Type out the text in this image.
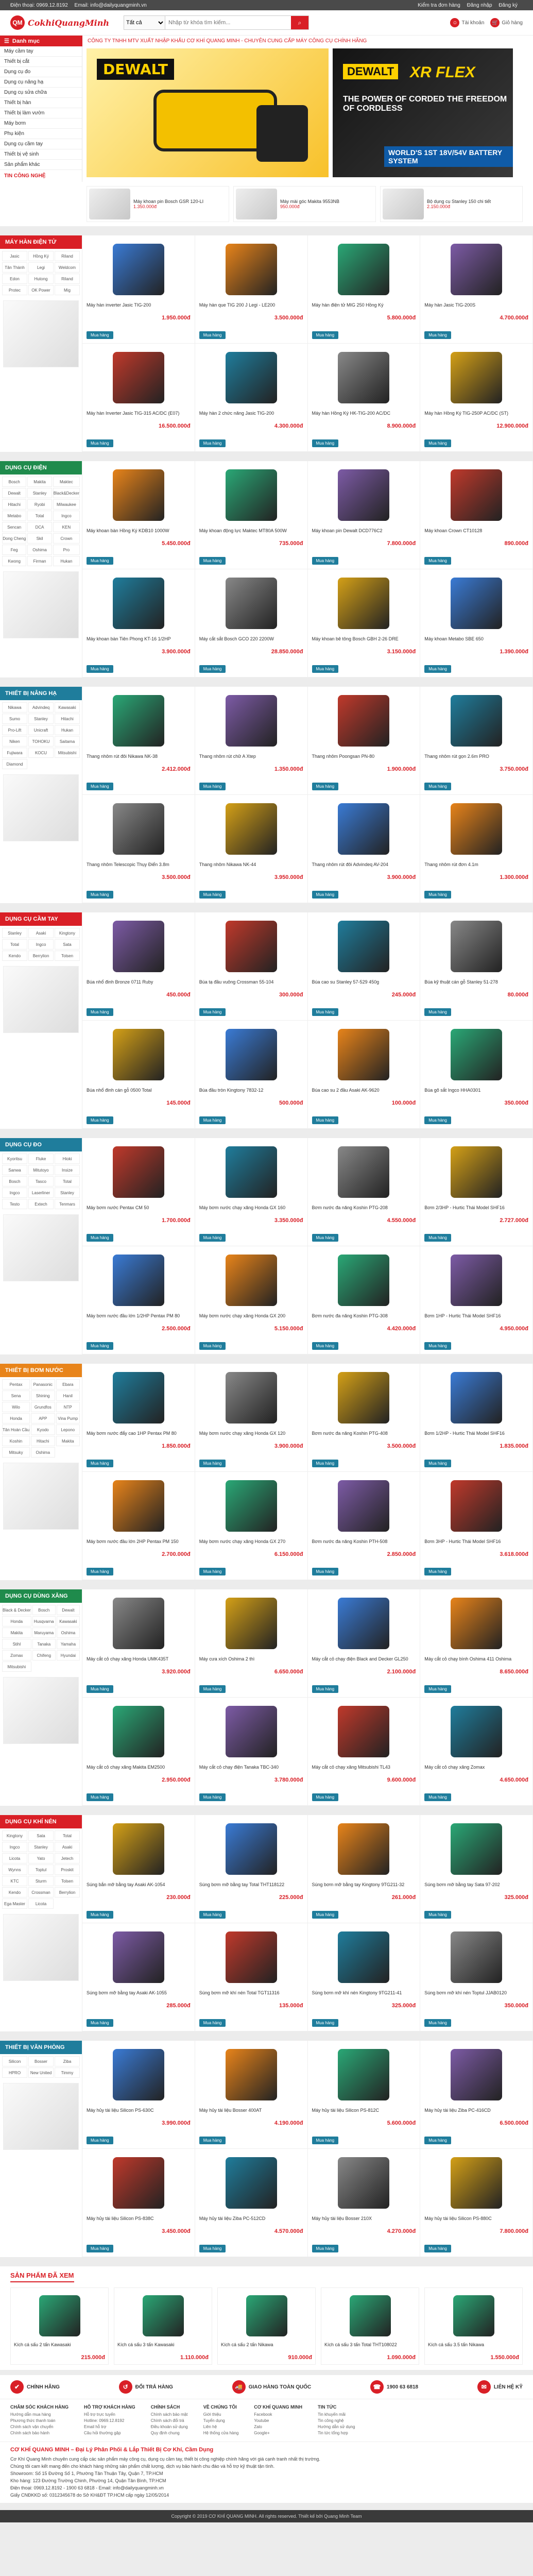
Điện thoại: 0969.12.8192 Email: info@dailyquangminh.vn	Kiểm tra đơn hàng Đăng nhập Đăng ký
QM CokhiQuangMinh
Tất cả
Nhập từ khóa tìm kiếm...	⌕	☺ Tài khoản 🛒 Giỏ hàng
☰ Danh mục	CÔNG TY TNHH MTV XUẤT NHẬP KHẨU CƠ KHÍ QUANG MINH - CHUYÊN CUNG CẤP MÁY CÔNG CỤ CHÍNH HÃNG
Máy cầm tay
Thiết bị cắt
Dụng cụ đo
Dụng cụ nâng hạ
Dụng cụ sửa chữa
Thiết bị hàn
Thiết bị làm vườn
Máy bơm
Phụ kiện
Dụng cụ cầm tay
Thiết bị vệ sinh
Sản phẩm khác
TIN CÔNG NGHỆ
DEWALT	DEWALT XR FLEX
THE POWER OF CORDED THE FREEDOM OF CORDLESS
WORLD'S 1ST 18V/54V BATTERY SYSTEM
Máy khoan pin Bosch GSR 120-LI
1.350.000đ
Máy mài góc Makita 9553NB
950.000đ
Bộ dụng cụ Stanley 150 chi tiết
2.150.000đ
MÁY HÀN ĐIỆN TỬ
Jasic	Hồng Ký	Riland
Tân Thành	Legi	Weldcom
Edon	Hutong	Riland
Protec	OK Power	Mig
Máy hàn inverter Jasic TIG-200
1.950.000đ
Mua hàng
Máy hàn que TIG 200 J Legi - LE200
3.500.000đ
Mua hàng
Máy hàn điện tử MIG 250 Hồng Ký
5.800.000đ
Mua hàng
Máy hàn Jasic TIG-200S
4.700.000đ
Mua hàng
Máy hàn Inverter Jasic TIG-315 AC/DC (E07)
16.500.000đ
Mua hàng
Máy hàn 2 chức năng Jasic TIG-200
4.300.000đ
Mua hàng
Máy hàn Hồng Ký HK-TIG-200 AC/DC
8.900.000đ
Mua hàng
Máy hàn Hồng Ký TIG-250P AC/DC (ST)
12.900.000đ
Mua hàng
DỤNG CỤ ĐIỆN
Bosch	Makita	Maktec
Dewalt	Stanley	Black&Decker
Hitachi	Ryobi	Milwaukee
Metabo	Total	Ingco
Sencan	DCA	KEN
Dong Cheng	Skil	Crown
Feg	Oshima	Pro
Kwong	Firman	Hukan
Máy khoan bàn Hồng Ký KDB10 1000W
5.450.000đ
Mua hàng
Máy khoan động lực Maktec MT80A 500W
735.000đ
Mua hàng
Máy khoan pin Dewalt DCD776C2
7.800.000đ
Mua hàng
Máy khoan Crown CT10128
890.000đ
Mua hàng
Máy khoan bàn Tiên Phong KT-16 1/2HP
3.900.000đ
Mua hàng
Máy cắt sắt Bosch GCO 220 2200W
28.850.000đ
Mua hàng
Máy khoan bê tông Bosch GBH 2-26 DRE
3.150.000đ
Mua hàng
Máy khoan Metabo SBE 650
1.390.000đ
Mua hàng
THIẾT BỊ NÂNG HẠ
Nikawa	Advindeq	Kawasaki
Sumo	Stanley	Hitachi
Pro-Lift	Unicraft	Hukan
Niken	TOHOKU	Saitama
Fujiwara	KOCU	Mitsubishi
Diamond
Thang nhôm rút đôi Nikawa NK-38
2.412.000đ
Mua hàng
Thang nhôm rút chữ A Xtep
1.350.000đ
Mua hàng
Thang nhôm Poongsan PN-80
1.900.000đ
Mua hàng
Thang nhôm rút gọn 2.6m PRO
3.750.000đ
Mua hàng
Thang nhôm Telescopic Thụy Điển 3.8m
3.500.000đ
Mua hàng
Thang nhôm Nikawa NK-44
3.950.000đ
Mua hàng
Thang nhôm rút đôi Advindeq AV-204
3.900.000đ
Mua hàng
Thang nhôm rút đơn 4.1m
1.300.000đ
Mua hàng
DỤNG CỤ CẦM TAY
Stanley	Asaki	Kingtony
Total	Ingco	Sata
Kendo	Berrylion	Tolsen
Búa nhổ đinh Bronze 0711 Ruby
450.000đ
Mua hàng
Búa tạ đầu vuông Crossman 55-104
300.000đ
Mua hàng
Búa cao su Stanley 57-529 450g
245.000đ
Mua hàng
Búa kỹ thuật cán gỗ Stanley 51-278
80.000đ
Mua hàng
Búa nhổ đinh cán gỗ 0500 Total
145.000đ
Mua hàng
Búa đầu tròn Kingtony 7832-12
500.000đ
Mua hàng
Búa cao su 2 đầu Asaki AK-9620
100.000đ
Mua hàng
Búa gõ sắt Ingco HHA0301
350.000đ
Mua hàng
DỤNG CỤ ĐO
Kyoritsu	Fluke	Hioki
Sanwa	Mitutoyo	Insize
Bosch	Tasco	Total
Ingco	Laserliner	Stanley
Testo	Extech	Tenmars
Máy bơm nước Pentax CM 50
1.700.000đ
Mua hàng
Máy bơm nước chạy xăng Honda GX 160
3.350.000đ
Mua hàng
Bơm nước đa năng Koshin PTG-208
4.550.000đ
Mua hàng
Bơm 2/3HP - Hurtic Thái Model SHF16
2.727.000đ
Mua hàng
Máy bơm nước đầu lớn 1/2HP Pentax PM 80
2.500.000đ
Mua hàng
Máy bơm nước chạy xăng Honda GX 200
5.150.000đ
Mua hàng
Bơm nước đa năng Koshin PTG-308
4.420.000đ
Mua hàng
Bơm 1HP - Hurtic Thái Model SHF16
4.950.000đ
Mua hàng
THIẾT BỊ BƠM NƯỚC
Pentax	Panasonic	Ebara
Sena	Shining	Hanil
Wilo	Grundfos	NTP
Honda	APP	Vina Pump
Tân Hoàn Cầu	Kyodo	Lepono
Koshin	Hitachi	Makita
Mitsuky	Oshima
Máy bơm nước đẩy cao 1HP Pentax PM 80
1.850.000đ
Mua hàng
Máy bơm nước chạy xăng Honda GX 120
3.900.000đ
Mua hàng
Bơm nước đa năng Koshin PTG-408
3.500.000đ
Mua hàng
Bơm 1/2HP - Hurtic Thái Model SHF16
1.835.000đ
Mua hàng
Máy bơm nước đầu lớn 2HP Pentax PM 150
2.700.000đ
Mua hàng
Máy bơm nước chạy xăng Honda GX 270
6.150.000đ
Mua hàng
Bơm nước đa năng Koshin PTH-508
2.850.000đ
Mua hàng
Bơm 3HP - Hurtic Thái Model SHF16
3.618.000đ
Mua hàng
DỤNG CỤ DÙNG XĂNG
Black & Decker	Bosch	Dewalt
Honda	Husqvarna	Kawasaki
Makita	Maruyama	Oshima
Stihl	Tanaka	Yamaha
Zomax	Chifeng	Hyundai
Mitsubishi
Máy cắt cỏ chạy xăng Honda UMK435T
3.920.000đ
Mua hàng
Máy cưa xích Oshima 2 thì
6.650.000đ
Mua hàng
Máy cắt cỏ chạy điện Black and Decker GL250
2.100.000đ
Mua hàng
Máy cắt cỏ chạy bình Oshima 411 Oshima
8.650.000đ
Mua hàng
Máy cắt cỏ chạy xăng Makita EM2500
2.950.000đ
Mua hàng
Máy cắt cỏ chạy điện Tanaka TBC-340
3.780.000đ
Mua hàng
Máy cắt cỏ chạy xăng Mitsubishi TL43
9.600.000đ
Mua hàng
Máy cắt cỏ chạy xăng Zomax
4.650.000đ
Mua hàng
DỤNG CỤ KHÍ NÉN
Kingtony	Sata	Total
Ingco	Stanley	Asaki
Licota	Yato	Jetech
Wynns	Toptul	Proskit
KTC	Sturm	Tolsen
Kendo	Crossman	Berrylion
Ega Master	Licota
Súng bắn mỡ bằng tay Asaki AK-1054
230.000đ
Mua hàng
Súng bơm mỡ bằng tay Total THT118122
225.000đ
Mua hàng
Súng bơm mỡ bằng tay Kingtony 9TG211-32
261.000đ
Mua hàng
Súng bơm mỡ bằng tay Sata 97-202
325.000đ
Mua hàng
Súng bơm mỡ bằng tay Asaki AK-1055
285.000đ
Mua hàng
Súng bơm mỡ khí nén Total TGT11316
135.000đ
Mua hàng
Súng bơm mỡ khí nén Kingtony 9TG211-41
325.000đ
Mua hàng
Súng bơm mỡ khí nén Toptul JJAB0120
350.000đ
Mua hàng
THIẾT BỊ VĂN PHÒNG
Silicon	Bosser	Ziba
HPRO	New United	Timmy
Máy hủy tài liệu Silicon PS-630C
3.990.000đ
Mua hàng
Máy hủy tài liệu Bosser 400AT
4.190.000đ
Mua hàng
Máy hủy tài liệu Silicon PS-812C
5.600.000đ
Mua hàng
Máy hủy tài liệu Ziba PC-416CD
6.500.000đ
Mua hàng
Máy hủy tài liệu Silicon PS-838C
3.450.000đ
Mua hàng
Máy hủy tài liệu Ziba PC-512CD
4.570.000đ
Mua hàng
Máy hủy tài liệu Bosser 210X
4.270.000đ
Mua hàng
Máy hủy tài liệu Silicon PS-880C
7.800.000đ
Mua hàng
SẢN PHẨM ĐÃ XEM
Kích cá sấu 2 tấn Kawasaki
215.000đ
Kích cá sấu 3 tấn Kawasaki
1.110.000đ
Kích cá sấu 2 tấn Nikawa
910.000đ
Kích cá sấu 3 tấn Total THT108022
1.090.000đ
Kích cá sấu 3.5 tấn Nikawa
1.550.000đ
✔	CHÍNH HÃNG	↺	ĐỔI TRẢ HÀNG	🚚	GIAO HÀNG TOÀN QUỐC	☎	1900 63 6818	✉	LIÊN HỆ KỸ
CHĂM SÓC KHÁCH HÀNG
Hướng dẫn mua hàng
Phương thức thanh toán
Chính sách vận chuyển
Chính sách bảo hành
HỖ TRỢ KHÁCH HÀNG
Hỗ trợ trực tuyến
Hotline: 0969.12.8192
Email hỗ trợ
Câu hỏi thường gặp
CHÍNH SÁCH
Chính sách bảo mật
Chính sách đổi trả
Điều khoản sử dụng
Quy định chung
VỀ CHÚNG TÔI
Giới thiệu
Tuyển dụng
Liên hệ
Hệ thống cửa hàng
CƠ KHÍ QUANG MINH
Facebook
Youtube
Zalo
Google+
TIN TỨC
Tin khuyến mãi
Tin công nghệ
Hướng dẫn sử dụng
Tin tức tổng hợp
CƠ KHÍ QUANG MINH – Đại Lý Phân Phối & Lắp Thiết Bị Cơ Khí, Cầm Dụng
Cơ Khí Quang Minh chuyên cung cấp các sản phẩm máy công cụ, dụng cụ cầm tay, thiết bị công nghiệp chính hãng với giá cạnh tranh nhất thị trường.
Chúng tôi cam kết mang đến cho khách hàng những sản phẩm chất lượng, dịch vụ bảo hành chu đáo và hỗ trợ kỹ thuật tận tình.
Showroom: Số 15 Đường Số 1, Phường Tân Thuận Tây, Quận 7, TP.HCM
Kho hàng: 123 Đường Trường Chinh, Phường 14, Quận Tân Bình, TP.HCM
Điện thoại: 0969.12.8192 - 1900 63 6818 - Email: info@dailyquangminh.vn
Giấy CNĐKKD số: 0312345678 do Sở KH&ĐT TP.HCM cấp ngày 12/05/2014
Copyright © 2019 CƠ KHÍ QUANG MINH. All rights reserved. Thiết kế bởi Quang Minh Team
